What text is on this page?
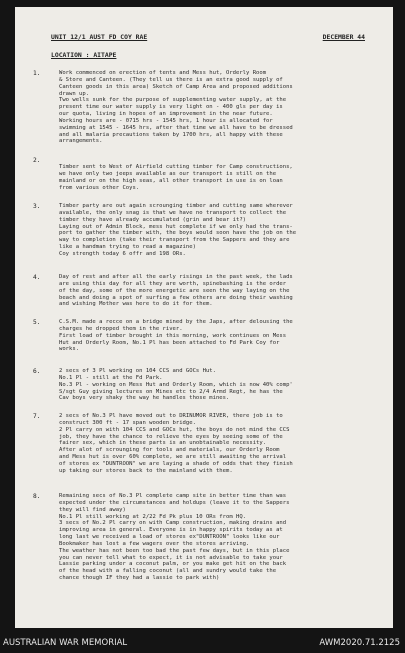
UNIT 12/1 AUST FD COY RAE	DECEMBER 44
LOCATION : AITAPE
1.	Work commenced on erection of tents and Mess hut, Orderly Room
& Store and Canteen. (They tell us there is an extra good supply of
Canteen goods in this area) Sketch of Camp Area and proposed additions
drawn up.
Two wells sunk for the purpose of supplementing water supply, at the
present time our water supply is very light on - 400 gls per day is
our quota, living in hopes of an improvement in the near future.
Working hours are - 0715 hrs - 1545 hrs, 1 hour is allocated for
swimming at 1545 - 1645 hrs, after that time we all have to be dressed
and all malaria precautions taken by 1700 hrs, all happy with these
arrangements.
2.
Timber sent to West of Airfield cutting timber for Camp constructions,
we have only two jeeps available as our transport is still on the
mainland or on the high seas, all other transport in use is on loan
from various other Coys.
3.	Timber party are out again scrounging timber and cutting same wherever
available, the only snag is that we have no transport to collect the
timber they have already accumulated (grin and bear it?)
Laying out of Admin Block, mess hut complete if we only had the trans-
port to gather the timber with, the boys would soon have the job on the
way to completion (take their transport from the Sappers and they are
like a handman trying to read a magazine)
Coy strength today 6 offr and 198 ORs.
4.	Day of rest and after all the early risings in the past week, the lads
are using this day for all they are worth, spinebashing is the order
of the day, some of the more energetic are seen the way laying on the
beach and doing a spot of surfing a few others are doing their washing
and wishing Mother was here to do it for them.
5.	C.S.M. made a recce on a bridge mined by the Japs, after delousing the
charges he dropped them in the river.
First load of timber brought in this morning, work continues on Mess
Hut and Orderly Room, No.1 Pl has been attached to Fd Park Coy for
works.
6.	2 secs of 3 Pl working on 104 CCS and GOCs Hut.
No.1 Pl - still at the Fd Park.
No.3 Pl - working on Mess Hut and Orderly Room, which is now 40% comp'
S/sgt Guy giving lectures on Mines etc to 2/4 Armd Regt, he has the
Cav boys very shaky the way he handles those mines.
7.	2 secs of No.3 Pl have moved out to DRINUMOR RIVER, there job is to
construct 300 ft - 17 span wooden bridge.
2 Pl carry on with 104 CCS and GOCs hut, the boys do not mind the CCS
job, they have the chance to relieve the eyes by seeing some of the
fairer sex, which in these parts is an unobtainable necessity.
After alot of scrounging for tools and materials, our Orderly Room
and Mess hut is over 60% complete, we are still awaiting the arrival
of stores ex "DUNTROON" we are laying a shade of odds that they finish
up taking our stores back to the mainland with them.
8.	Remaining secs of No.3 Pl complete camp site in better time than was
expected under the circumstances and holdups (leave it to the Sappers
they will find away)
No.1 Pl still working at 2/22 Fd Pk plus 10 ORs from HQ.
3 secs of No.2 Pl carry on with Camp construction, making drains and
improving area in general. Everyone is in happy spirits today as at
long last we received a load of stores ex"DUNTROON" looks like our
Bookmaker has lost a few wagers over the stores arriving.
The weather has not been too bad the past few days, but in this place
you can never tell what to expect, it is not advisable to take your
Lassie parking under a coconut palm, or you make get hit on the back
of the head with a falling coconut (all and sundry would take the
chance though IF they had a lassie to park with)
AUSTRALIAN WAR MEMORIAL	AWM2020.71.2125
